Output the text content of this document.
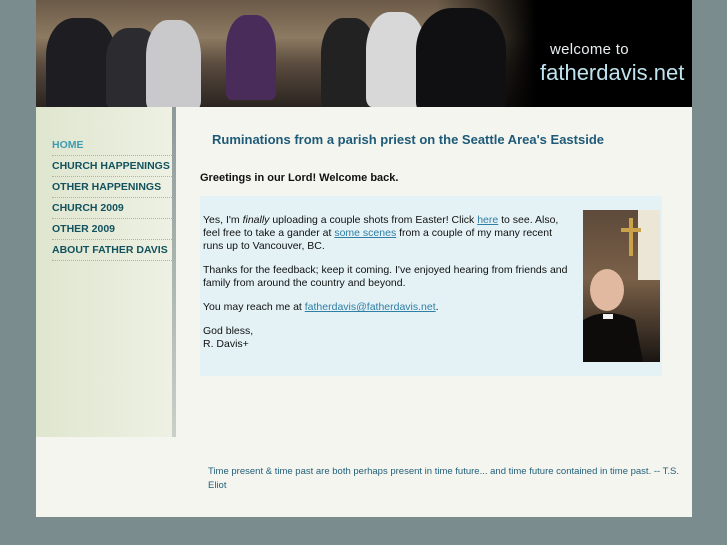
welcome to
fatherdavis.net
HOME
CHURCH HAPPENINGS
OTHER HAPPENINGS
CHURCH 2009
OTHER 2009
ABOUT FATHER DAVIS
Ruminations from a parish priest on the Seattle Area's Eastside
Greetings in our Lord! Welcome back.

Yes, I'm finally uploading a couple shots from Easter! Click here to see. Also, feel free to take a gander at some scenes from a couple of my many recent runs up to Vancouver, BC.

Thanks for the feedback; keep it coming. I've enjoyed hearing from friends and family from around the country and beyond.

You may reach me at fatherdavis@fatherdavis.net.

God bless,
R. Davis+

Time present & time past are both perhaps present in time future... and time future contained in time past. -- T.S. Eliot
